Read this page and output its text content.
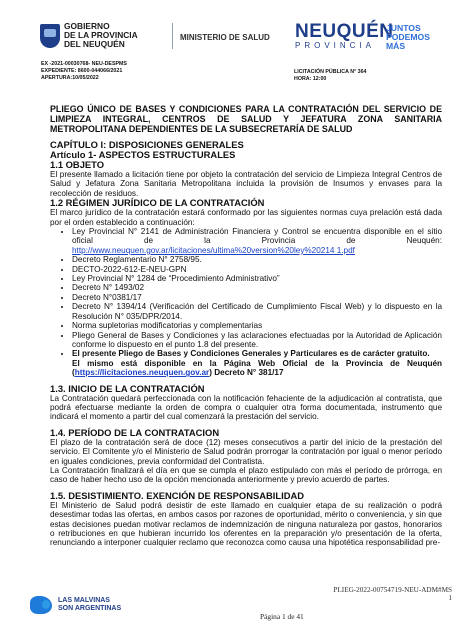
GOBIERNO
DE LA PROVINCIA
DEL NEUQUÉN
MINISTERIO DE SALUD NEUQUÉN
PROVINCIA
JUNTOS
PODEMOS
MÁS
EX -2021-00030768- NEU-DESPMS
EXPEDIENTE: 8600-044066/2021
APERTURA:10/05/2022
LICITACIÓN PÚBLICA N° 364
HORA: 12:00

PLIEGO ÚNICO DE BASES Y CONDICIONES PARA LA CONTRATACIÓN DEL SERVICIO DE LIMPIEZA INTEGRAL, CENTROS DE SALUD Y JEFATURA ZONA SANITARIA METROPOLITANA DEPENDIENTES DE LA SUBSECRETARÍA DE SALUD

CAPÍTULO I: DISPOSICIONES GENERALES

Artículo 1- ASPECTOS ESTRUCTURALES

1.1 OBJETO

El presente llamado a licitación tiene por objeto la contratación del servicio de Limpieza Integral Centros de Salud y Jefatura Zona Sanitaria Metropolitana incluida la provisión de Insumos y envases para la recolección de residuos.

1.2 RÉGIMEN JURÍDICO DE LA CONTRATACIÓN

El marco jurídico de la contratación estará conformado por las siguientes normas cuya prelación está dada por el orden establecido a continuación:

• Ley Provincial N° 2141 de Administración Financiera y Control se encuentra disponible en el sitio oficial de la Provincia de Neuquén: http://www.neuquen.gov.ar/licitaciones/ultima%20version%20ley%20214 1.pdf
• Decreto Reglamentario N° 2758/95.
• DECTO-2022-612-E-NEU-GPN
• Ley Provincial N° 1284 de “Procedimiento Administrativo”
• Decreto N° 1493/02
• Decreto N°0381/17
• Decreto N° 1394/14 (Verificación del Certificado de Cumplimiento Fiscal Web) y lo dispuesto en la Resolución N° 035/DPR/2014.
• Norma supletorias modificatorias y complementarias
• Pliego General de Bases y Condiciones y las aclaraciones efectuadas por la Autoridad de Aplicación conforme lo dispuesto en el punto 1.8 del presente.
• El presente Pliego de Bases y Condiciones Generales y Particulares es de carácter gratuito.
El mismo está disponible en la Página Web Oficial de la Provincia de Neuquén (https://licitaciones.neuquen.gov.ar) Decreto N° 381/17

1.3. INICIO DE LA CONTRATACIÓN

La Contratación quedará perfeccionada con la notificación fehaciente de la adjudicación al contratista, que podrá efectuarse mediante la orden de compra o cualquier otra forma documentada, instrumento que indicará el momento a partir del cual comenzará la prestación del servicio.

1.4. PERÍODO DE LA CONTRATACION

El plazo de la contratación será de doce (12) meses consecutivos a partir del inicio de la prestación del servicio. El Comitente y/o el Ministerio de Salud podrán prorrogar la contratación por igual o menor período en iguales condiciones, previa conformidad del Contratista.

La Contratación finalizará el día en que se cumpla el plazo estipulado con más el período de prórroga, en caso de haber hecho uso de la opción mencionada anteriormente y previo acuerdo de partes.

1.5. DESISTIMIENTO. EXENCIÓN DE RESPONSABILIDAD

El Ministerio de Salud podrá desistir de este llamado en cualquier etapa de su realización o podrá desestimar todas las ofertas, en ambos casos por razones de oportunidad, mérito o conveniencia, y sin que estas decisiones puedan motivar reclamos de indemnización de ninguna naturaleza por gastos, honorarios o retribuciones en que hubieran incurrido los oferentes en la preparación y/o presentación de la oferta, renunciando a interponer cualquier reclamo que reconozca como causa una hipotética responsabilidad pre-

PLIEG-2022-00754719-NEU-ADM#MS
1
LAS MALVINAS
SON ARGENTINAS
Página 1 de 41
